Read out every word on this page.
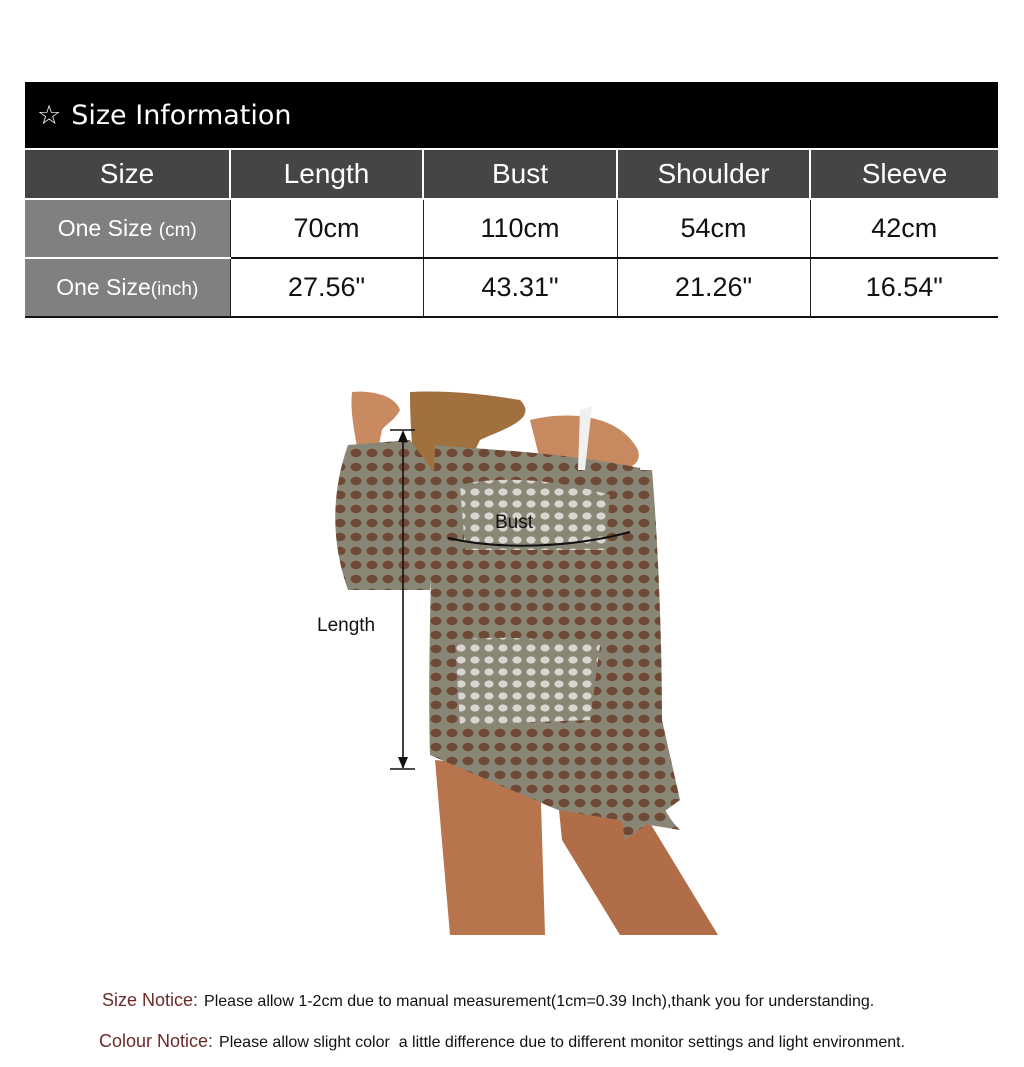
☆ Size Information
Size	Length	Bust	Shoulder	Sleeve
One Size (cm)	70cm	110cm	54cm	42cm
One Size(inch)	27.56"	43.31"	21.26"	16.54"
Bust
Length
Size Notice: Please allow 1-2cm due to manual measurement(1cm=0.39 Inch),thank you for understanding.
Colour Notice: Please allow slight color  a little difference due to different monitor settings and light environment.
